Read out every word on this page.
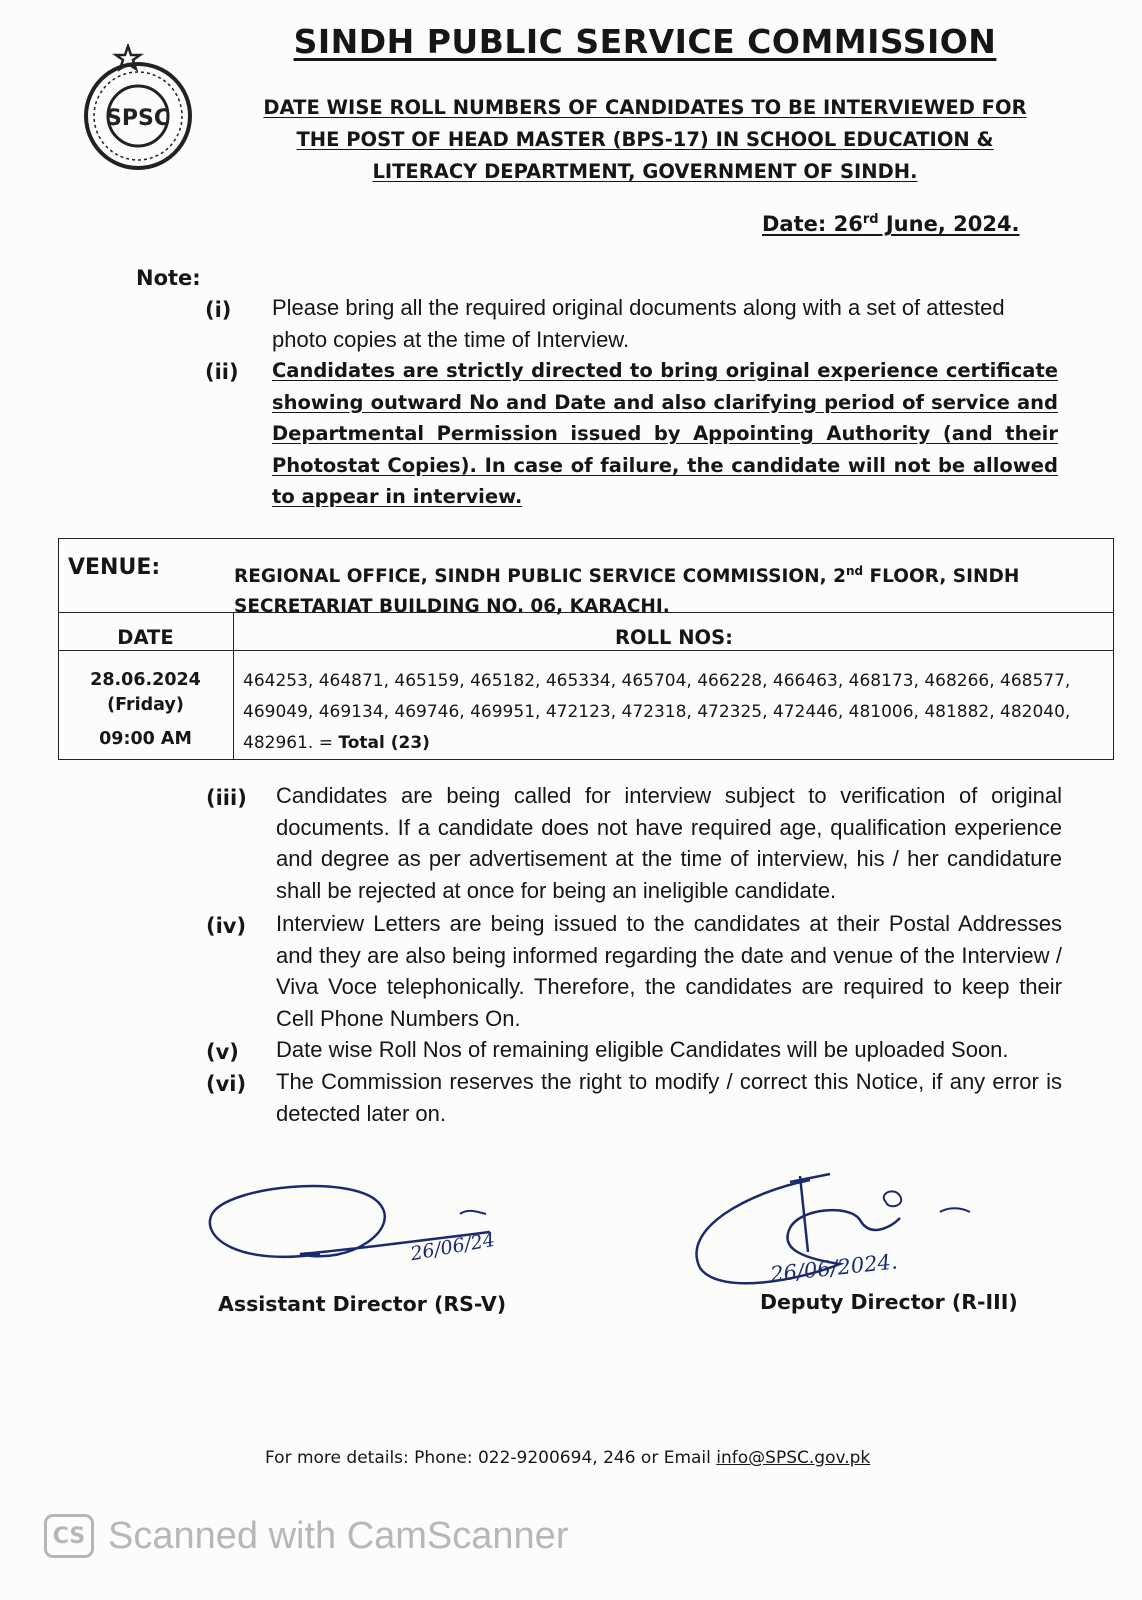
SPSC
SINDH PUBLIC SERVICE COMMISSION
DATE WISE ROLL NUMBERS OF CANDIDATES TO BE INTERVIEWED FOR
THE POST OF HEAD MASTER (BPS-17) IN SCHOOL EDUCATION &
LITERACY DEPARTMENT, GOVERNMENT OF SINDH.
Date: 26rd June, 2024.
Note:
(i) Please bring all the required original documents along with a set of attested photo copies at the time of Interview.
(ii) Candidates are strictly directed to bring original experience certificate showing outward No and Date and also clarifying period of service and Departmental Permission issued by Appointing Authority (and their Photostat Copies). In case of failure, the candidate will not be allowed to appear in interview.
VENUE:	REGIONAL OFFICE, SINDH PUBLIC SERVICE COMMISSION, 2nd FLOOR, SINDH SECRETARIAT BUILDING NO. 06, KARACHI.
DATE	ROLL NOS:
28.06.2024
(Friday)
09:00 AM
464253, 464871, 465159, 465182, 465334, 465704, 466228, 466463, 468173, 468266, 468577, 469049, 469134, 469746, 469951, 472123, 472318, 472325, 472446, 481006, 481882, 482040, 482961. = Total (23)
(iii) Candidates are being called for interview subject to verification of original documents. If a candidate does not have required age, qualification experience and degree as per advertisement at the time of interview, his / her candidature shall be rejected at once for being an ineligible candidate.
(iv) Interview Letters are being issued to the candidates at their Postal Addresses and they are also being informed regarding the date and venue of the Interview / Viva Voce telephonically. Therefore, the candidates are required to keep their Cell Phone Numbers On.
(v) Date wise Roll Nos of remaining eligible Candidates will be uploaded Soon.
(vi) The Commission reserves the right to modify / correct this Notice, if any error is detected later on.
26/06/24
Assistant Director (RS-V)
26/06/2024.
Deputy Director (R-III)
For more details: Phone: 022-9200694, 246 or Email info@SPSC.gov.pk
CS Scanned with CamScanner
